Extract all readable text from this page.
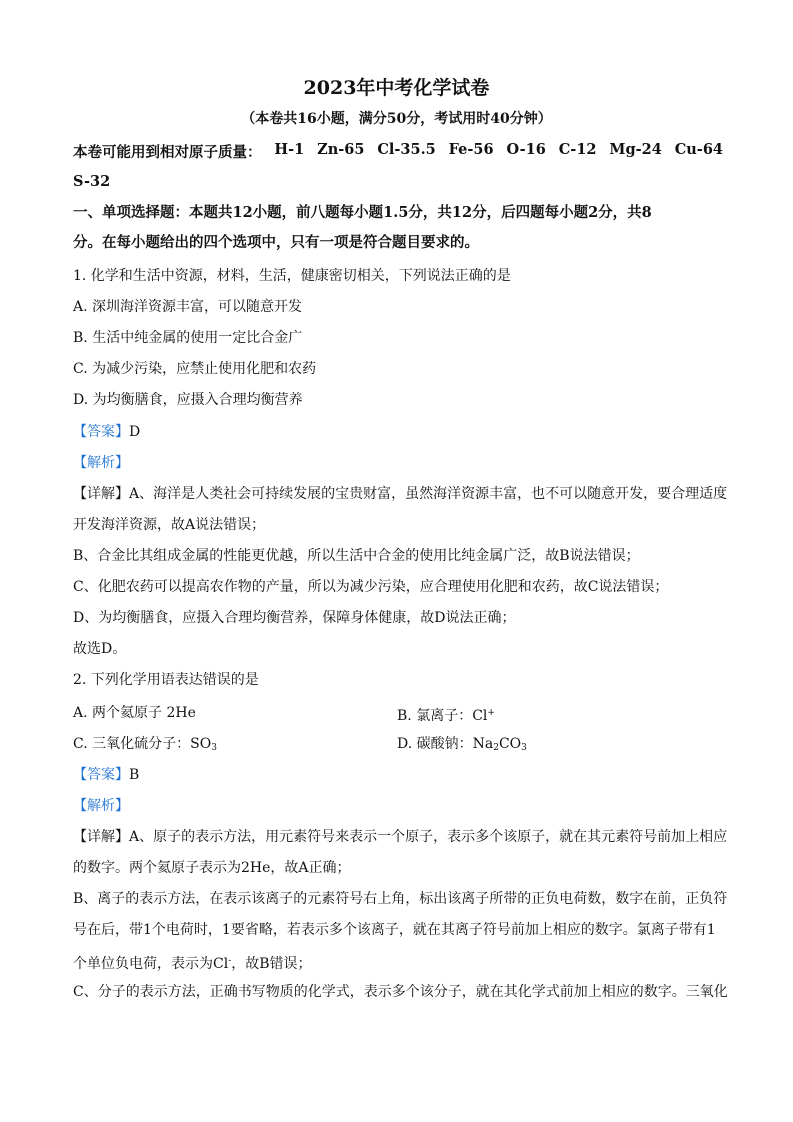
2023年中考化学试卷
（本卷共16小题，满分50分，考试用时40分钟）
本卷可能用到相对原子质量： H-1 Zn-65 Cl-35.5 Fe-56 O-16 C-12 Mg-24 Cu-64
S-32
一、单项选择题：本题共12小题，前八题每小题1.5分，共12分，后四题每小题2分，共8
分。在每小题给出的四个选项中，只有一项是符合题目要求的。
1. 化学和生活中资源，材料，生活，健康密切相关，下列说法正确的是
A. 深圳海洋资源丰富，可以随意开发
B. 生活中纯金属的使用一定比合金广
C. 为减少污染，应禁止使用化肥和农药
D. 为均衡膳食，应摄入合理均衡营养
【答案】D
【解析】
【详解】A、海洋是人类社会可持续发展的宝贵财富，虽然海洋资源丰富，也不可以随意开发，要合理适度
开发海洋资源，故A说法错误；
B、合金比其组成金属的性能更优越，所以生活中合金的使用比纯金属广泛，故B说法错误；
C、化肥农药可以提高农作物的产量，所以为减少污染，应合理使用化肥和农药，故C说法错误；
D、为均衡膳食，应摄入合理均衡营养，保障身体健康，故D说法正确；
故选D。
2. 下列化学用语表达错误的是
A. 两个氦原子 2He	B. 氯离子：Cl+
C. 三氧化硫分子：$SO_3$	D. 碳酸钠：$Na_2CO_3$
【答案】B
【解析】
【详解】A、原子的表示方法，用元素符号来表示一个原子，表示多个该原子，就在其元素符号前加上相应
的数字。两个氦原子表示为2He，故A正确；
B、离子的表示方法，在表示该离子的元素符号右上角，标出该离子所带的正负电荷数，数字在前，正负符
号在后，带1个电荷时，1要省略，若表示多个该离子，就在其离子符号前加上相应的数字。氯离子带有1
个单位负电荷，表示为Cl-，故B错误；
C、分子的表示方法，正确书写物质的化学式，表示多个该分子，就在其化学式前加上相应的数字。三氧化
